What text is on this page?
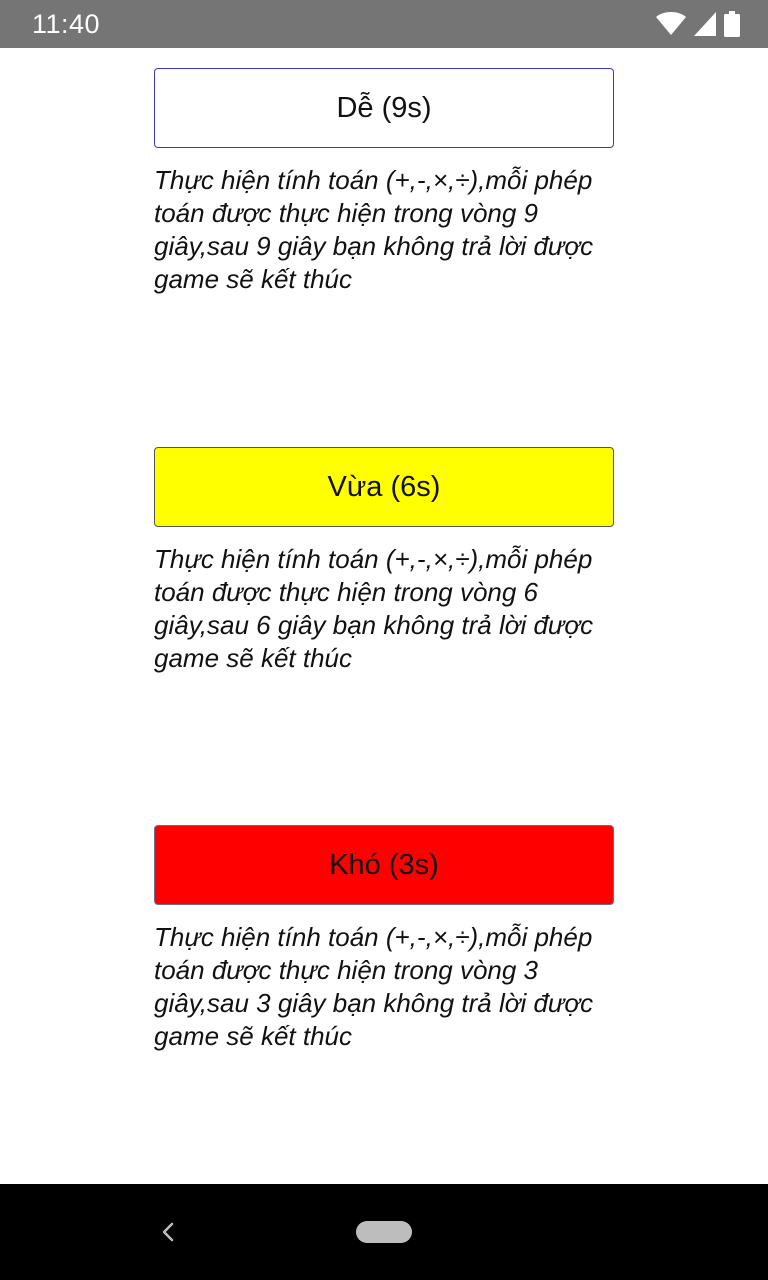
11:40
Dễ (9s)
Thực hiện tính toán (+,-,×,÷),mỗi phép toán được thực hiện trong vòng 9 giây,sau 9 giây bạn không trả lời được game sẽ kết thúc
Vừa (6s)
Thực hiện tính toán (+,-,×,÷),mỗi phép toán được thực hiện trong vòng 6 giây,sau 6 giây bạn không trả lời được game sẽ kết thúc
Khó (3s)
Thực hiện tính toán (+,-,×,÷),mỗi phép toán được thực hiện trong vòng 3 giây,sau 3 giây bạn không trả lời được game sẽ kết thúc
